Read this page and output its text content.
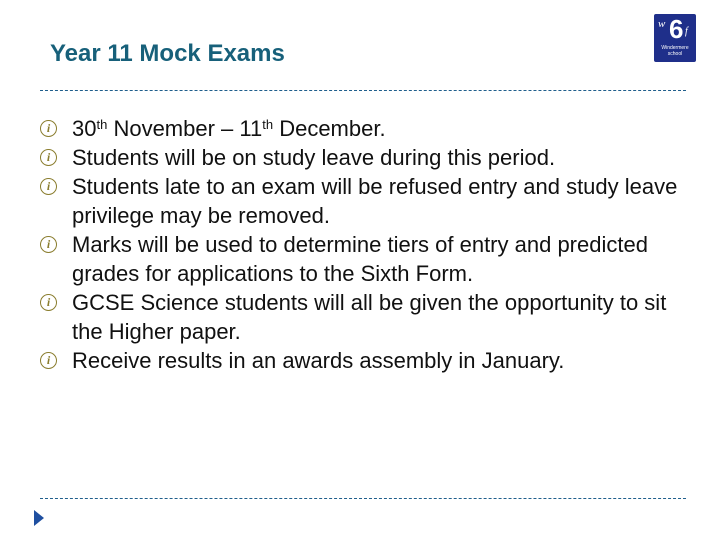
Year 11 Mock Exams
w 6 f
Windermere school
i 30th November – 11th December.
i Students will be on study leave during this period.
i Students late to an exam will be refused entry and study leave privilege may be removed.
i Marks will be used to determine tiers of entry and predicted grades for applications to the Sixth Form.
i GCSE Science students will all be given the opportunity to sit the Higher paper.
i Receive results in an awards assembly in January.
